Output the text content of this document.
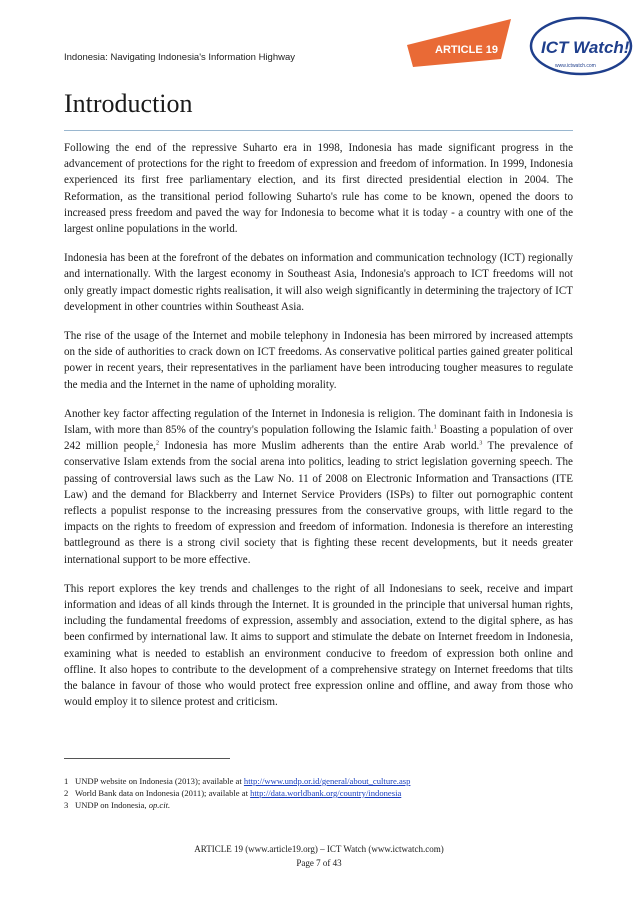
Indonesia: Navigating Indonesia's Information Highway
ARTICLE 19	ICT Watch!
www.ictwatch.com
Introduction

Following the end of the repressive Suharto era in 1998, Indonesia has made significant progress in the advancement of protections for the right to freedom of expression and freedom of information. In 1999, Indonesia experienced its first free parliamentary election, and its first directed presidential election in 2004. The Reformation, as the transitional period following Suharto's rule has come to be known, opened the doors to increased press freedom and paved the way for Indonesia to become what it is today - a country with one of the largest online populations in the world.

Indonesia has been at the forefront of the debates on information and communication technology (ICT) regionally and internationally. With the largest economy in Southeast Asia, Indonesia's approach to ICT freedoms will not only greatly impact domestic rights realisation, it will also weigh significantly in determining the trajectory of ICT development in other countries within Southeast Asia.

The rise of the usage of the Internet and mobile telephony in Indonesia has been mirrored by increased attempts on the side of authorities to crack down on ICT freedoms. As conservative political parties gained greater political power in recent years, their representatives in the parliament have been introducing tougher measures to regulate the media and the Internet in the name of upholding morality.

Another key factor affecting regulation of the Internet in Indonesia is religion. The dominant faith in Indonesia is Islam, with more than 85% of the country's population following the Islamic faith.$^1$ Boasting a population of over 242 million people,$^2$ Indonesia has more Muslim adherents than the entire Arab world.$^3$ The prevalence of conservative Islam extends from the social arena into politics, leading to strict legislation governing speech. The passing of controversial laws such as the Law No. 11 of 2008 on Electronic Information and Transactions (ITE Law) and the demand for Blackberry and Internet Service Providers (ISPs) to filter out pornographic content reflects a populist response to the increasing pressures from the conservative groups, with little regard to the impacts on the rights to freedom of expression and freedom of information. Indonesia is therefore an interesting battleground as there is a strong civil society that is fighting these recent developments, but it needs greater international support to be more effective.

This report explores the key trends and challenges to the right of all Indonesians to seek, receive and impart information and ideas of all kinds through the Internet. It is grounded in the principle that universal human rights, including the fundamental freedoms of expression, assembly and association, extend to the digital sphere, as has been confirmed by international law. It aims to support and stimulate the debate on Internet freedom in Indonesia, examining what is needed to establish an environment conducive to freedom of expression both online and offline. It also hopes to contribute to the development of a comprehensive strategy on Internet freedoms that tilts the balance in favour of those who would protect free expression online and offline, and away from those who would employ it to silence protest and criticism.

1 UNDP website on Indonesia (2013); available at http://www.undp.or.id/general/about_culture.asp

2 World Bank data on Indonesia (2011); available at http://data.worldbank.org/country/indonesia

3 UNDP on Indonesia, op.cit.

ARTICLE 19 (www.article19.org) – ICT Watch (www.ictwatch.com)
Page 7 of 43
